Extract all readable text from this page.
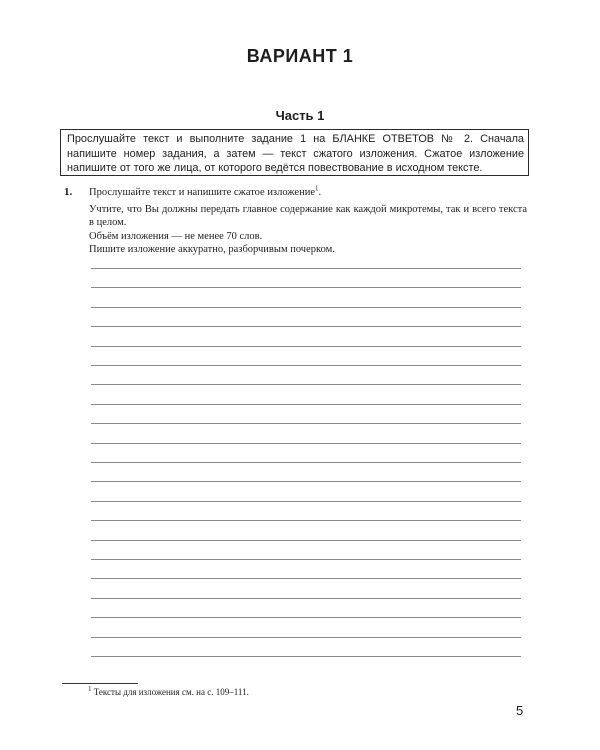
ВАРИАНТ 1
Часть 1
Прослушайте текст и выполните задание 1 на БЛАНКЕ ОТВЕТОВ № 2. Сначала напишите номер задания, а затем — текст сжатого изложения. Сжатое изложение напишите от того же лица, от которого ведётся повествование в исходном тексте.
1. Прослушайте текст и напишите сжатое изложение$^1$.

Учтите, что Вы должны передать главное содержание как каждой микротемы, так и всего текста в целом.

Объём изложения — не менее 70 слов.

Пишите изложение аккуратно, разборчивым почерком.

$^1$ Тексты для изложения см. на с. 109–111.
5
